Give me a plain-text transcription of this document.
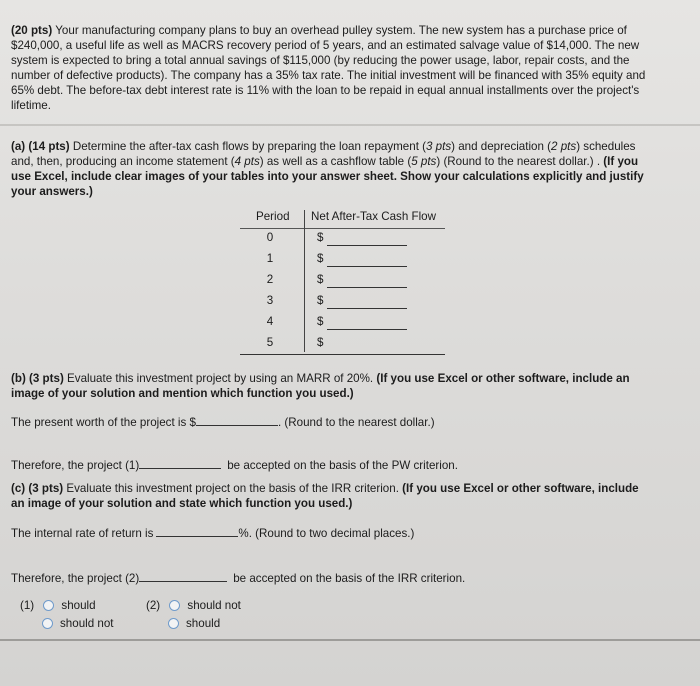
(20 pts) Your manufacturing company plans to buy an overhead pulley system. The new system has a purchase price of
$240,000, a useful life as well as MACRS recovery period of 5 years, and an estimated salvage value of $14,000. The new
system is expected to bring a total annual savings of $115,000 (by reducing the power usage, labor, repair costs, and the
number of defective products). The company has a 35% tax rate. The initial investment will be financed with 35% equity and
65% debt. The before-tax debt interest rate is 11% with the loan to be repaid in equal annual installments over the project's
lifetime.
(a) (14 pts) Determine the after-tax cash flows by preparing the loan repayment (3 pts) and depreciation (2 pts) schedules
and, then, producing an income statement (4 pts) as well as a cashflow table (5 pts) (Round to the nearest dollar.) . (If you
use Excel, include clear images of your tables into your answer sheet. Show your calculations explicitly and justify
your answers.)
Period Net After-Tax Cash Flow
0	$
1	$
2	$
3	$
4	$
5	$
(b) (3 pts) Evaluate this investment project by using an MARR of 20%. (If you use Excel or other software, include an
image of your solution and mention which function you used.)
The present worth of the project is $	. (Round to the nearest dollar.)
Therefore, the project (1)	be accepted on the basis of the PW criterion.
(c) (3 pts) Evaluate this investment project on the basis of the IRR criterion. (If you use Excel or other software, include
an image of your solution and state which function you used.)
The internal rate of return is	%. (Round to two decimal places.)
Therefore, the project (2)	be accepted on the basis of the IRR criterion.
(1) should
should not
(2) should not
should
